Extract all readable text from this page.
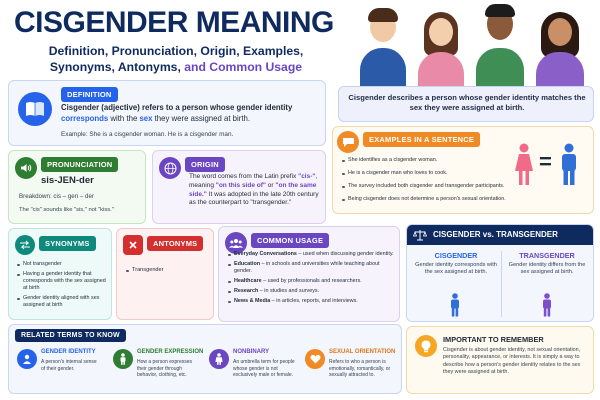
CISGENDER MEANING
Definition, Pronunciation, Origin, Examples,
Synonyms, Antonyms, and Common Usage
Cisgender describes a person whose gender identity matches the sex they were assigned at birth.
DEFINITION
Cisgender (adjective) refers to a person whose gender identity corresponds with the sex they were assigned at birth.
Example: She is a cisgender woman. He is a cisgender man.
EXAMPLES IN A SENTENCE
She identifies as a cisgender woman.
He is a cisgender man who loves to cook.
The survey included both cisgender and transgender participants.
Being cisgender does not determine a person's sexual orientation.
=
PRONUNCIATION
sis-JEN-der
Breakdown: cis – gen – der
The "cis" sounds like "sis," not "kiss."
ORIGIN
The word comes from the Latin prefix "cis-", meaning "on this side of" or "on the same side." It was adopted in the late 20th century as the counterpart to "transgender."
SYNONYMS
Not transgender
Having a gender identity that corresponds with the sex assigned at birth
Gender identity aligned with sex assigned at birth
ANTONYMS
Transgender
COMMON USAGE
Everyday Conversations – used when discussing gender identity.
Education – in schools and universities while teaching about gender.
Healthcare – used by professionals and researchers.
Research – in studies and surveys.
News & Media – in articles, reports, and interviews.
CISGENDER vs. TRANSGENDER
CISGENDER
Gender identity corresponds with the sex assigned at birth.
TRANSGENDER
Gender identity differs from the sex assigned at birth.
RELATED TERMS TO KNOW
GENDER IDENTITY
A person's internal sense of their gender.
GENDER EXPRESSION
How a person expresses their gender through behavior, clothing, etc.
NONBINARY
An umbrella term for people whose gender is not exclusively male or female.
SEXUAL ORIENTATION
Refers to who a person is emotionally, romantically, or sexually attracted to.
IMPORTANT TO REMEMBER
Cisgender is about gender identity, not sexual orientation, personality, appearance, or interests. It is simply a way to describe how a person's gender identity relates to the sex they were assigned at birth.
